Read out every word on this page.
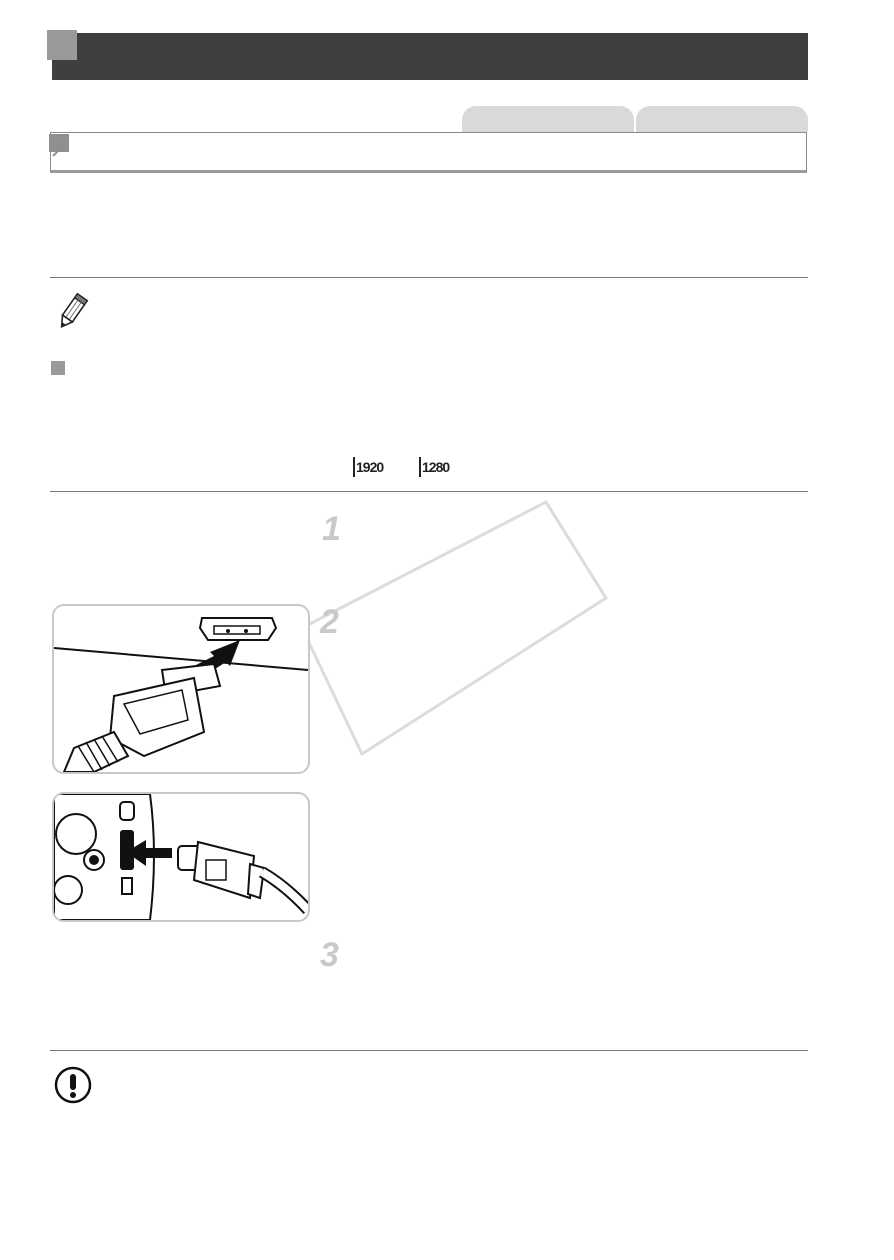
1920	1280
1
2
3
